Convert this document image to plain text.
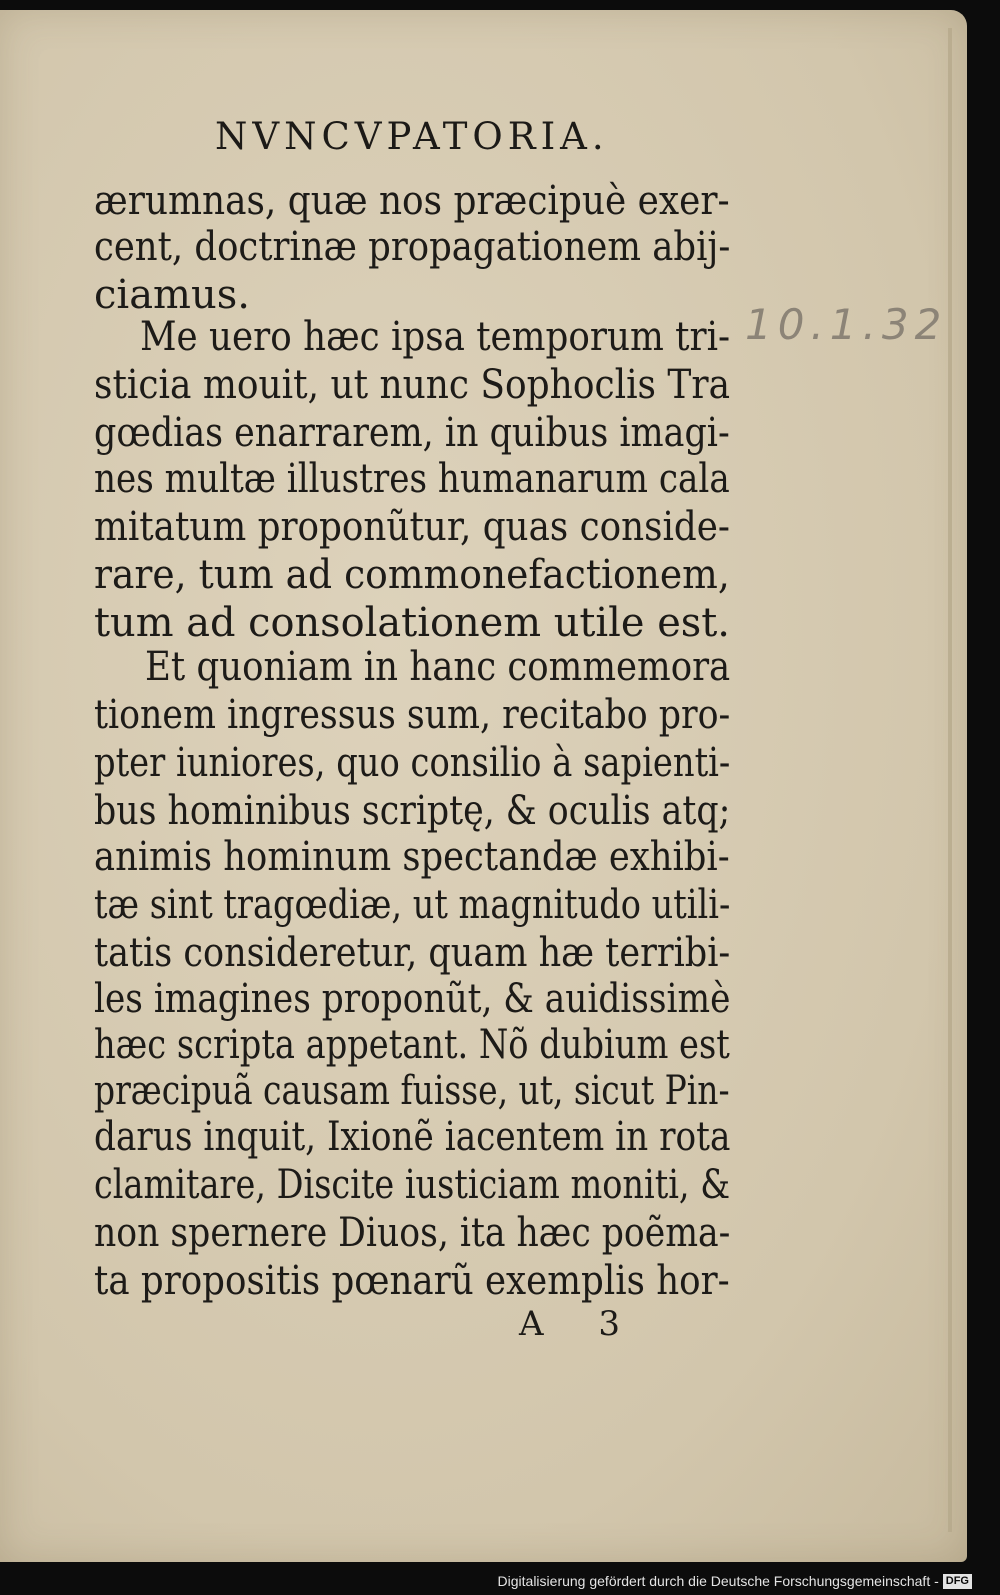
NVNCVPATORIA.
ærumnas, quæ nos præcipuè exer-
cent, doctrinæ propagationem abij-
ciamus.
Me uero hæc ipsa temporum tri-
sticia mouit, ut nunc Sophoclis Tra
gœdias enarrarem, in quibus imagi-
nes multæ illustres humanarum cala
mitatum proponũtur, quas conside-
rare, tum ad commonefactionem,
tum ad consolationem utile est.
Et quoniam in hanc commemora
tionem ingressus sum, recitabo pro-
pter iuniores, quo consilio à sapienti-
bus hominibus scriptę, & oculis atq;
animis hominum spectandæ exhibi-
tæ sint tragœdiæ, ut magnitudo utili-
tatis consideretur, quam hæ terribi-
les imagines proponũt, & auidissimè
hæc scripta appetant. Nõ dubium est
præcipuã causam fuisse, ut, sicut Pin-
darus inquit, Ixionẽ iacentem in rota
clamitare, Discite iusticiam moniti, &
non spernere Diuos, ita hæc poẽma-
ta propositis pœnarũ exemplis hor-
10.1.32
A 3
Digitalisierung gefördert durch die Deutsche Forschungsgemeinschaft - DFG
